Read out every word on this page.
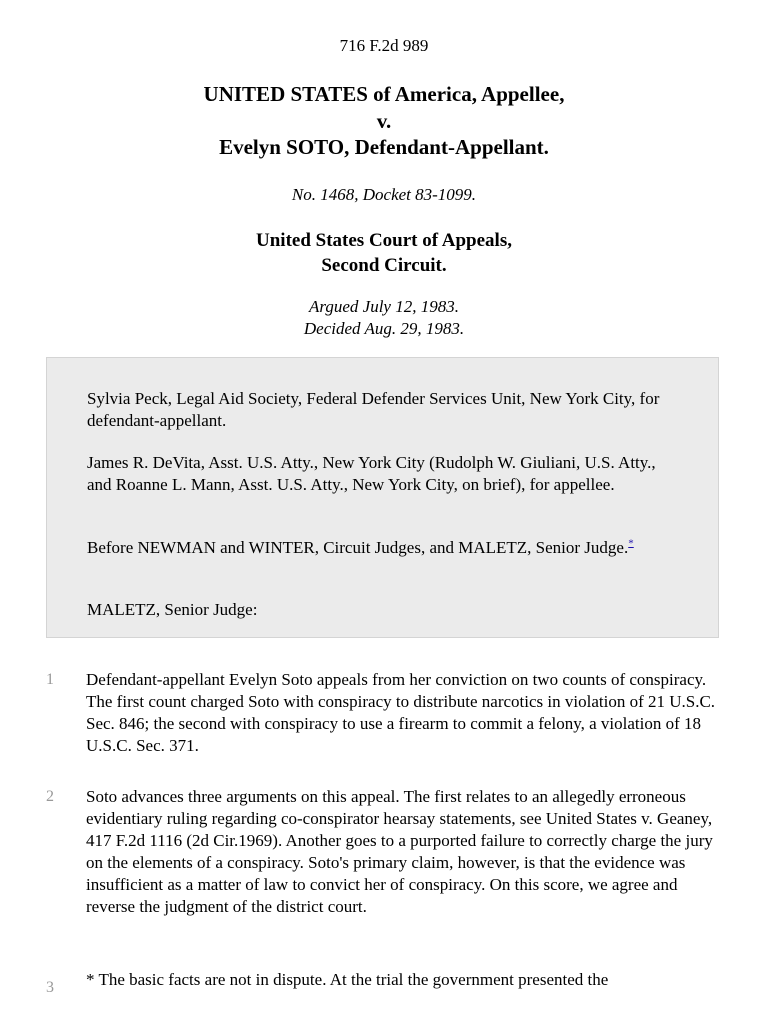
716 F.2d 989
UNITED STATES of America, Appellee,
v.
Evelyn SOTO, Defendant-Appellant.
No. 1468, Docket 83-1099.
United States Court of Appeals,
Second Circuit.
Argued July 12, 1983.
Decided Aug. 29, 1983.

Sylvia Peck, Legal Aid Society, Federal Defender Services Unit, New York City, for defendant-appellant.

James R. DeVita, Asst. U.S. Atty., New York City (Rudolph W. Giuliani, U.S. Atty., and Roanne L. Mann, Asst. U.S. Atty., New York City, on brief), for appellee.

Before NEWMAN and WINTER, Circuit Judges, and MALETZ, Senior Judge.*

MALETZ, Senior Judge:

1 Defendant-appellant Evelyn Soto appeals from her conviction on two counts of conspiracy. The first count charged Soto with conspiracy to distribute narcotics in violation of 21 U.S.C. Sec. 846; the second with conspiracy to use a firearm to commit a felony, a violation of 18 U.S.C. Sec. 371.

2 Soto advances three arguments on this appeal. The first relates to an allegedly erroneous evidentiary ruling regarding co-conspirator hearsay statements, see United States v. Geaney, 417 F.2d 1116 (2d Cir.1969). Another goes to a purported failure to correctly charge the jury on the elements of a conspiracy. Soto's primary claim, however, is that the evidence was insufficient as a matter of law to convict her of conspiracy. On this score, we agree and reverse the judgment of the district court.

3 * The basic facts are not in dispute. At the trial the government presented the
